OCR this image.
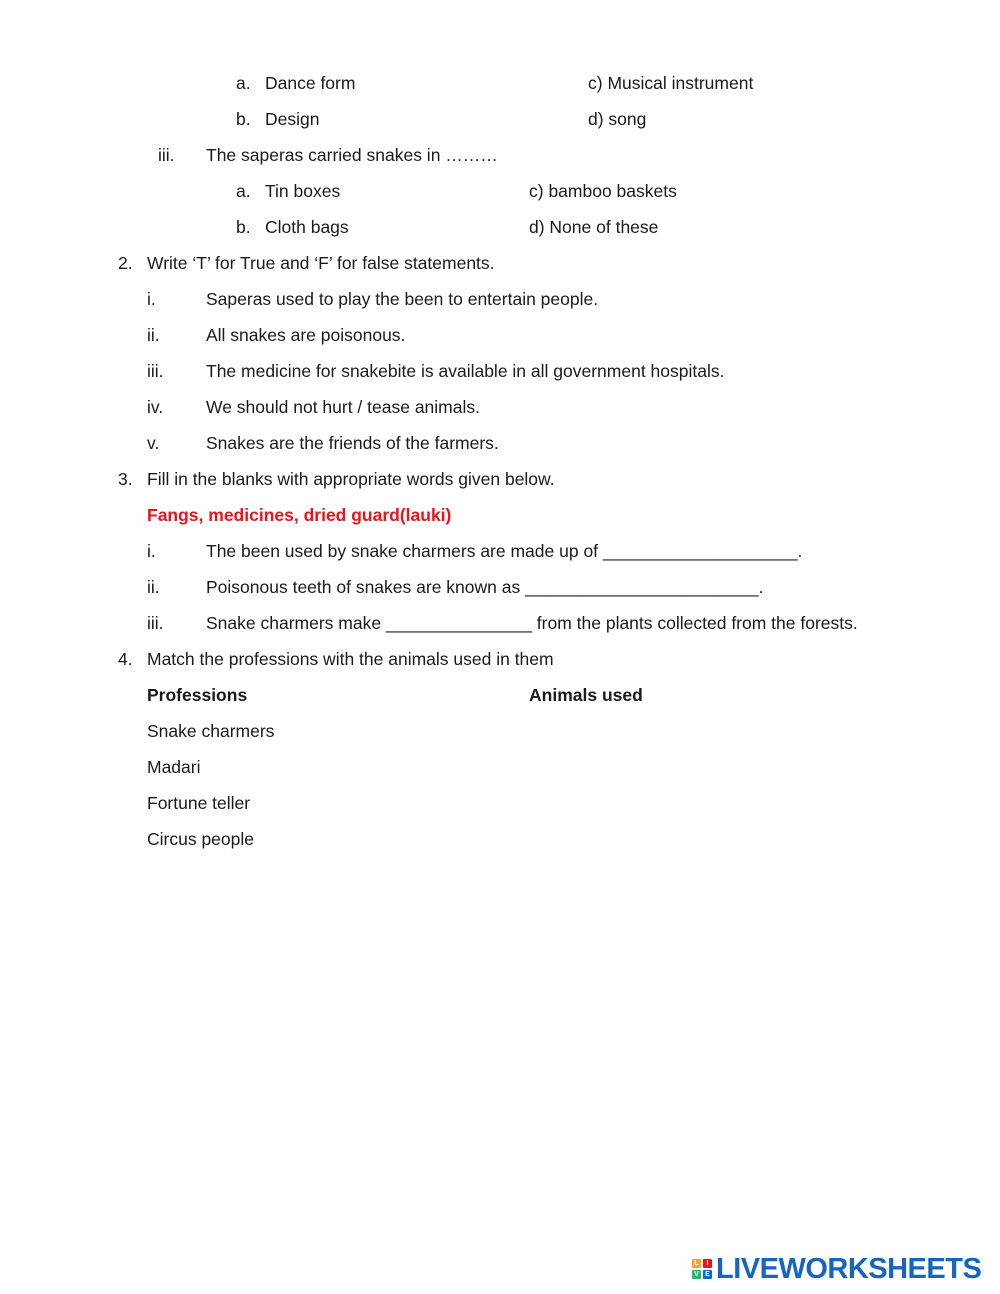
a. Dance form	c) Musical instrument
b. Design	d) song
iii. The saperas carried snakes in ………
a. Tin boxes	c) bamboo baskets
b. Cloth bags	d) None of these
2. Write ‘T’ for True and ‘F’ for false statements.
i.	Saperas used to play the been to entertain people.
ii.	All snakes are poisonous.
iii. The medicine for snakebite is available in all government hospitals.
iv. We should not hurt / tease animals.
v.	Snakes are the friends of the farmers.
3. Fill in the blanks with appropriate words given below.
Fangs, medicines, dried guard(lauki)
i.	The been used by snake charmers are made up of ____________________.
ii.	Poisonous teeth of snakes are known as ________________________.
iii. Snake charmers make _______________ from the plants collected from the forests.
4. Match the professions with the animals used in them
Professions	Animals used
Snake charmers
Madari
Fortune teller
Circus people
L	I
V E LIVEWORKSHEETS
